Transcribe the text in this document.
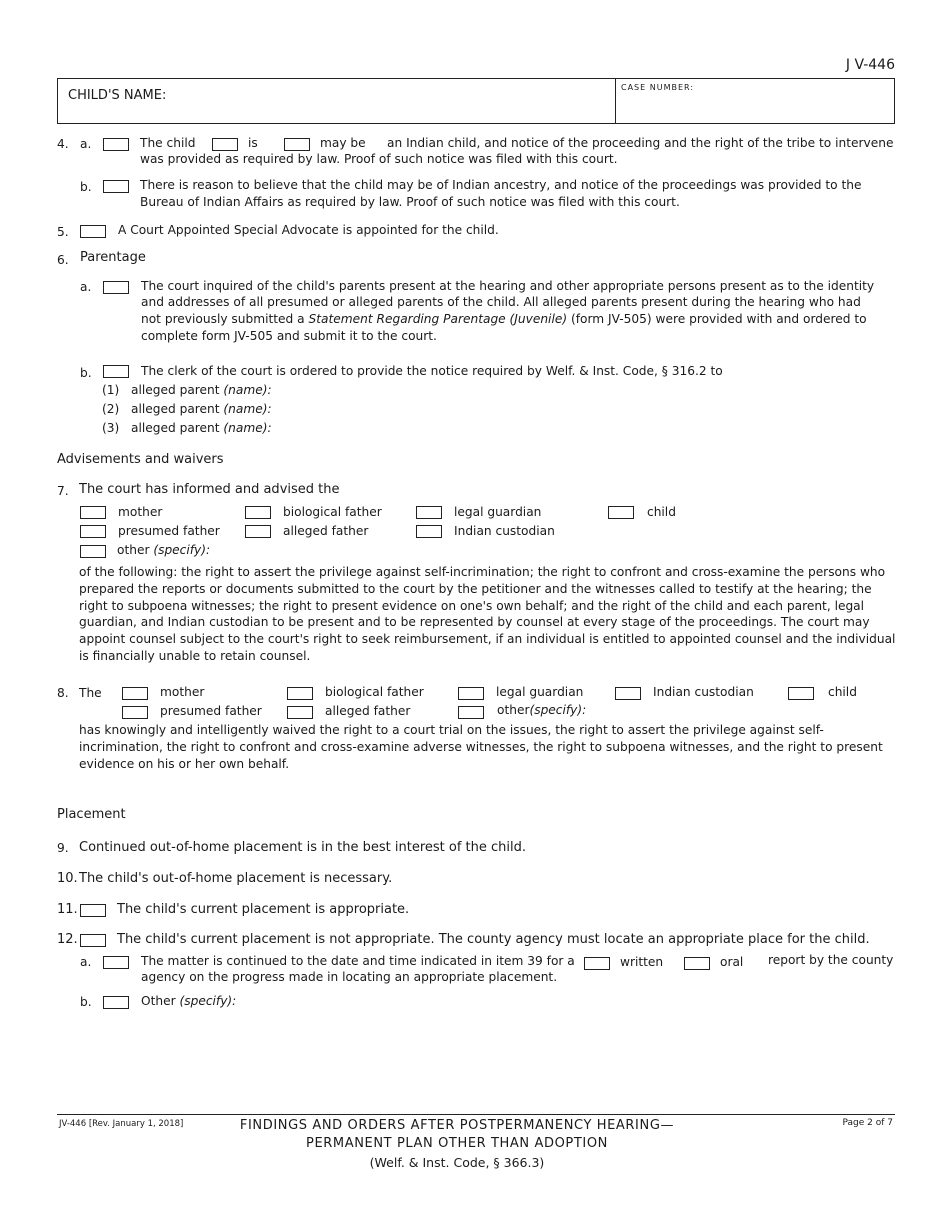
J V-446
CHILD'S NAME:
CASE NUMBER:
4. a.	The child	is	may be an Indian child, and notice of the proceeding and the right of the tribe to intervene
was provided as required by law. Proof of such notice was filed with this court.
b.	There is reason to believe that the child may be of Indian ancestry, and notice of the proceedings was provided to the
Bureau of Indian Affairs as required by law. Proof of such notice was filed with this court.
5.	A Court Appointed Special Advocate is appointed for the child.
6. Parentage
a.	The court inquired of the child's parents present at the hearing and other appropriate persons present as to the identity
and addresses of all presumed or alleged parents of the child. All alleged parents present during the hearing who had
not previously submitted a Statement Regarding Parentage (Juvenile) (form JV-505) were provided with and ordered to
complete form JV-505 and submit it to the court.
b.	The clerk of the court is ordered to provide the notice required by Welf. & Inst. Code, § 316.2 to
(1) alleged parent (name):
(2) alleged parent (name):
(3) alleged parent (name):
Advisements and waivers
7. The court has informed and advised the
mother	biological father	legal guardian	child
presumed father	alleged father	Indian custodian
other (specify):
of the following: the right to assert the privilege against self-incrimination; the right to confront and cross-examine the persons who
prepared the reports or documents submitted to the court by the petitioner and the witnesses called to testify at the hearing; the
right to subpoena witnesses; the right to present evidence on one's own behalf; and the right of the child and each parent, legal
guardian, and Indian custodian to be present and to be represented by counsel at every stage of the proceedings. The court may
appoint counsel subject to the court's right to seek reimbursement, if an individual is entitled to appointed counsel and the individual
is financially unable to retain counsel.
8. The	mother	biological father	legal guardian	Indian custodian	child
presumed father	alleged father	other(specify):
has knowingly and intelligently waived the right to a court trial on the issues, the right to assert the privilege against self-
incrimination, the right to confront and cross-examine adverse witnesses, the right to subpoena witnesses, and the right to present
evidence on his or her own behalf.
Placement
9. Continued out-of-home placement is in the best interest of the child.
10. The child's out-of-home placement is necessary.
11.	The child's current placement is appropriate.
12.	The child's current placement is not appropriate. The county agency must locate an appropriate place for the child.
a.	The matter is continued to the date and time indicated in item 39 for a	written	oral report by the county
agency on the progress made in locating an appropriate placement.
b.	Other (specify):
JV-446 [Rev. January 1, 2018]	FINDINGS AND ORDERS AFTER POSTPERMANENCY HEARING—
PERMANENT PLAN OTHER THAN ADOPTION
(Welf. & Inst. Code, § 366.3)
Page 2 of 7
